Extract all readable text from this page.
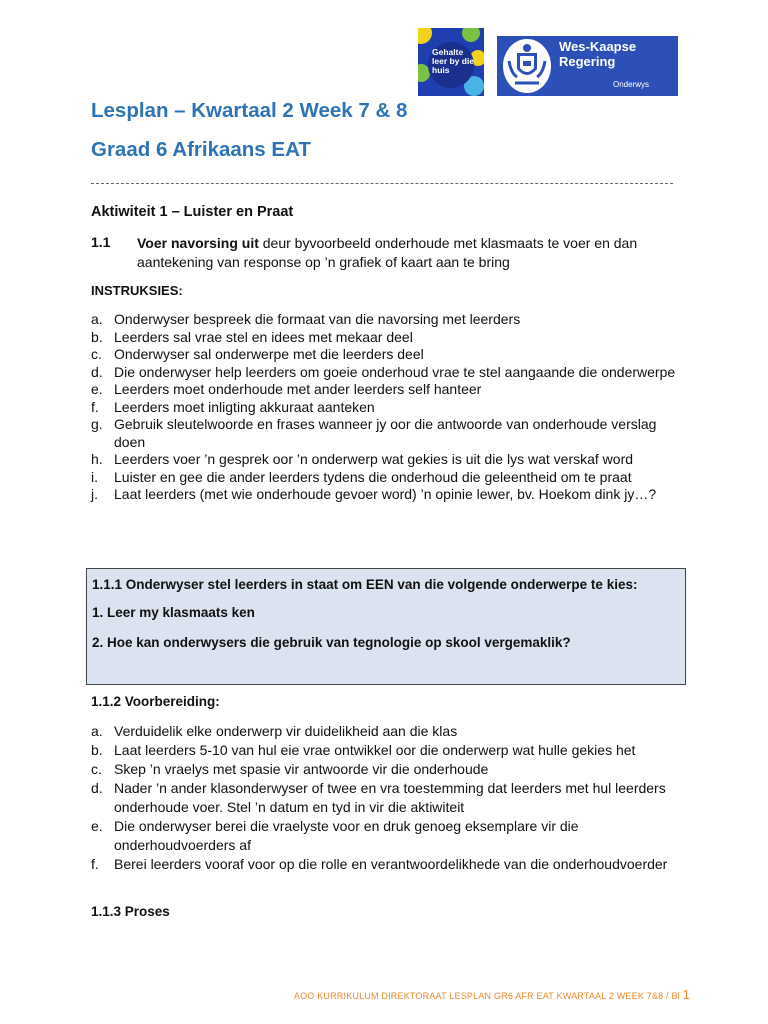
Gehalte leer by die huis
Wes-Kaapse
Regering
Onderwys
Lesplan – Kwartaal 2 Week 7 & 8
Graad 6 Afrikaans EAT
Aktiwiteit 1 – Luister en Praat
1.1 Voer navorsing uit deur byvoorbeeld onderhoude met klasmaats te voer en dan aantekening van response op ’n grafiek of kaart aan te bring
INSTRUKSIES:
a. Onderwyser bespreek die formaat van die navorsing met leerders
b. Leerders sal vrae stel en idees met mekaar deel
c. Onderwyser sal onderwerpe met die leerders deel
d. Die onderwyser help leerders om goeie onderhoud vrae te stel aangaande die onderwerpe
e. Leerders moet onderhoude met ander leerders self hanteer
f. Leerders moet inligting akkuraat aanteken
g. Gebruik sleutelwoorde en frases wanneer jy oor die antwoorde van onderhoude verslag doen
h. Leerders voer ’n gesprek oor ’n onderwerp wat gekies is uit die lys wat verskaf word
i. Luister en gee die ander leerders tydens die onderhoud die geleentheid om te praat
j. Laat leerders (met wie onderhoude gevoer word) ’n opinie lewer, bv. Hoekom dink jy…?
1.1.1 Onderwyser stel leerders in staat om EEN van die volgende onderwerpe te kies:
1. Leer my klasmaats ken
2. Hoe kan onderwysers die gebruik van tegnologie op skool vergemaklik?
1.1.2 Voorbereiding:
a. Verduidelik elke onderwerp vir duidelikheid aan die klas
b. Laat leerders 5-10 van hul eie vrae ontwikkel oor die onderwerp wat hulle gekies het
c. Skep ’n vraelys met spasie vir antwoorde vir die onderhoude
d. Nader ’n ander klasonderwyser of twee en vra toestemming dat leerders met hul leerders onderhoude voer. Stel ’n datum en tyd in vir die aktiwiteit
e. Die onderwyser berei die vraelyste voor en druk genoeg eksemplare vir die onderhoudvoerders af
f. Berei leerders vooraf voor op die rolle en verantwoordelikhede van die onderhoudvoerder
1.1.3 Proses
AOO KURRIKULUM DIREKTORAAT LESPLAN GR6 AFR EAT KWARTAAL 2 WEEK 7&8 / Bl 1
